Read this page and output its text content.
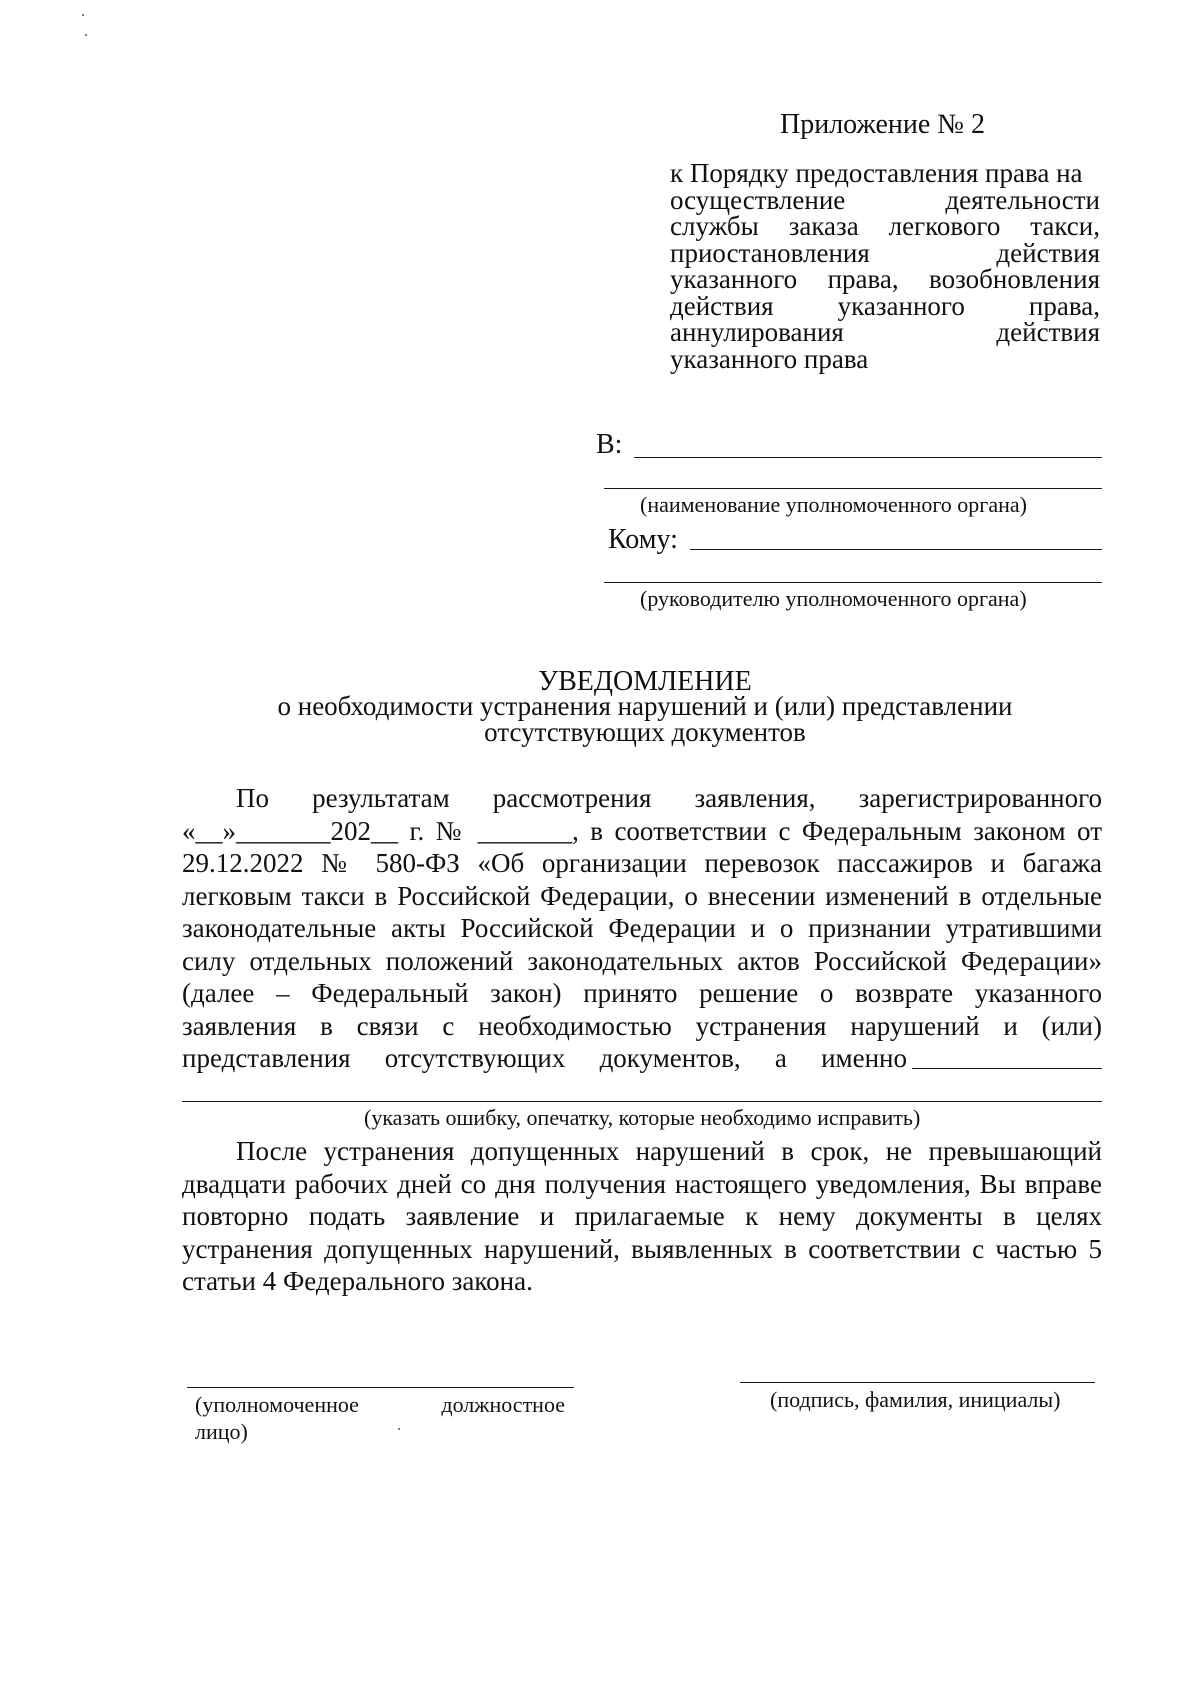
Приложение № 2
к Порядку предоставления права на
осуществление деятельности
службы заказа легкового такси,
приостановления действия
указанного права, возобновления
действия указанного права,
аннулирования действия
указанного права
В:
(наименование уполномоченного органа)
Кому:
(руководителю уполномоченного органа)
УВЕДОМЛЕНИЕ
о необходимости устранения нарушений и (или) представлении
отсутствующих документов
По результатам рассмотрения заявления, зарегистрированного
«__»_______202__ г. № _______, в соответствии с Федеральным законом от
29.12.2022 № 580-ФЗ «Об организации перевозок пассажиров и багажа
легковым такси в Российской Федерации, о внесении изменений в отдельные
законодательные акты Российской Федерации и о признании утратившими
силу отдельных положений законодательных актов Российской Федерации»
(далее – Федеральный закон) принято решение о возврате указанного
заявления в связи с необходимостью устранения нарушений и (или)
представления отсутствующих документов, а именно
(указать ошибку, опечатку, которые необходимо исправить)
После устранения допущенных нарушений в срок, не превышающий
двадцати рабочих дней со дня получения настоящего уведомления, Вы вправе
повторно подать заявление и прилагаемые к нему документы в целях
устранения допущенных нарушений, выявленных в соответствии с частью 5
статьи 4 Федерального закона.
(уполномоченное должностное
лицо)
(подпись, фамилия, инициалы)
